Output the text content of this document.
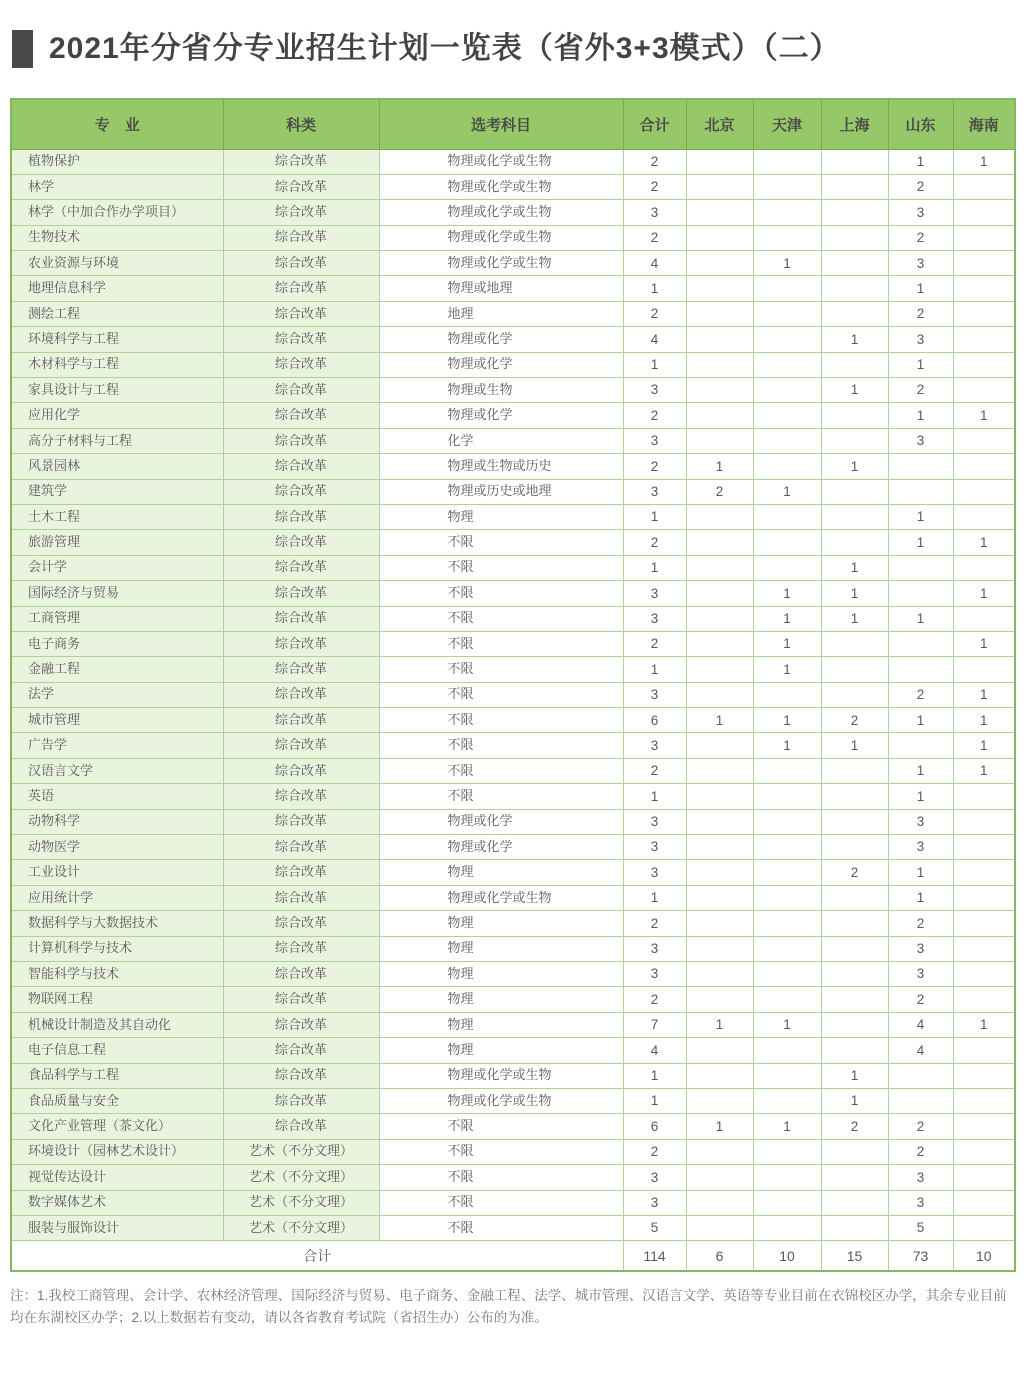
2021年分省分专业招生计划一览表（省外3+3模式）（二）
专　业	科类	选考科目	合计	北京	天津	上海	山东	海南
植物保护	综合改革	物理或化学或生物	2				1	1
林学	综合改革	物理或化学或生物	2				2	
林学（中加合作办学项目）	综合改革	物理或化学或生物	3				3	
生物技术	综合改革	物理或化学或生物	2				2	
农业资源与环境	综合改革	物理或化学或生物	4		1		3	
地理信息科学	综合改革	物理或地理	1				1	
测绘工程	综合改革	地理	2				2	
环境科学与工程	综合改革	物理或化学	4			1	3	
木材科学与工程	综合改革	物理或化学	1				1	
家具设计与工程	综合改革	物理或生物	3			1	2	
应用化学	综合改革	物理或化学	2				1	1
高分子材料与工程	综合改革	化学	3				3	
风景园林	综合改革	物理或生物或历史	2	1		1		
建筑学	综合改革	物理或历史或地理	3	2	1			
土木工程	综合改革	物理	1				1	
旅游管理	综合改革	不限	2				1	1
会计学	综合改革	不限	1			1		
国际经济与贸易	综合改革	不限	3		1	1		1
工商管理	综合改革	不限	3		1	1	1	
电子商务	综合改革	不限	2		1			1
金融工程	综合改革	不限	1		1			
法学	综合改革	不限	3				2	1
城市管理	综合改革	不限	6	1	1	2	1	1
广告学	综合改革	不限	3		1	1		1
汉语言文学	综合改革	不限	2				1	1
英语	综合改革	不限	1				1	
动物科学	综合改革	物理或化学	3				3	
动物医学	综合改革	物理或化学	3				3	
工业设计	综合改革	物理	3			2	1	
应用统计学	综合改革	物理或化学或生物	1				1	
数据科学与大数据技术	综合改革	物理	2				2	
计算机科学与技术	综合改革	物理	3				3	
智能科学与技术	综合改革	物理	3				3	
物联网工程	综合改革	物理	2				2	
机械设计制造及其自动化	综合改革	物理	7	1	1		4	1
电子信息工程	综合改革	物理	4				4	
食品科学与工程	综合改革	物理或化学或生物	1			1		
食品质量与安全	综合改革	物理或化学或生物	1			1		
文化产业管理（茶文化）	综合改革	不限	6	1	1	2	2	
环境设计（园林艺术设计）	艺术（不分文理）	不限	2				2	
视觉传达设计	艺术（不分文理）	不限	3				3	
数字媒体艺术	艺术（不分文理）	不限	3				3	
服装与服饰设计	艺术（不分文理）	不限	5				5	
合计			114	6	10	15	73	10

注：1.我校工商管理、会计学、农林经济管理、国际经济与贸易、电子商务、金融工程、法学、城市管理、汉语言文学、英语等专业目前在衣锦校区办学，其余专业目前均在东湖校区办学；2.以上数据若有变动，请以各省教育考试院（省招生办）公布的为准。
